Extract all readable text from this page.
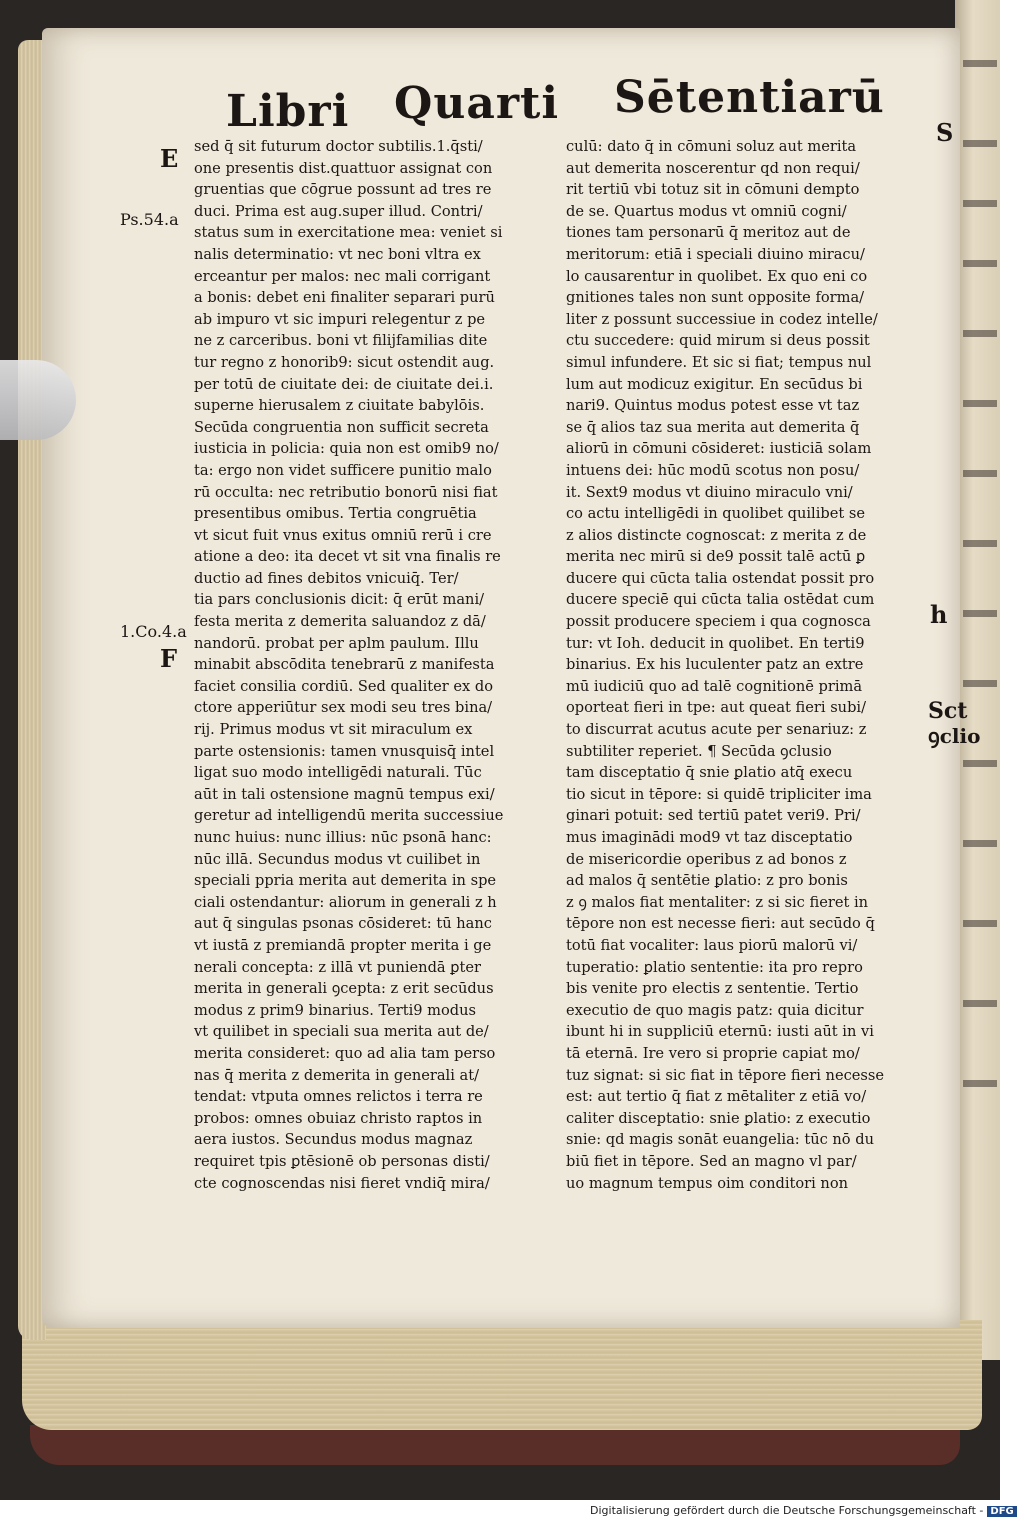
Libri Quarti Sētentiarū
E
Ps.54.a
1.Co.4.a
F
S
h
Sct
ꝯclio
sed q̄ sit futurum doctor subtilis.1.q̄sti/
one presentis dist.quattuor assignat con
gruentias que cōgrue possunt ad tres re
duci. Prima est aug.super illud. Contri/
status sum in exercitatione mea: veniet si
nalis determinatio: vt nec boni vltra ex
erceantur per malos: nec mali corrigant
a bonis: debet eni finaliter separari purū
ab impuro vt sic impuri relegentur z pe
ne z carceribus. boni vt filijfamilias dite
tur regno z honorib9: sicut ostendit aug.
per totū de ciuitate dei: de ciuitate dei.i.
superne hierusalem z ciuitate babylōis.
Secūda congruentia non sufficit secreta
iusticia in policia: quia non est omib9 no/
ta: ergo non videt sufficere punitio malo
rū occulta: nec retributio bonorū nisi fiat
presentibus omibus. Tertia congruētia
vt sicut fuit vnus exitus omniū rerū i cre
atione a deo: ita decet vt sit vna finalis re
ductio ad fines debitos vnicuiq̄. Ter/
tia pars conclusionis dicit: q̄ erūt mani/
festa merita z demerita saluandoz z dā/
nandorū. probat per aplm paulum. Illu
minabit abscōdita tenebrarū z manifesta
faciet consilia cordiū. Sed qualiter ex do
ctore apperiūtur sex modi seu tres bina/
rij. Primus modus vt sit miraculum ex
parte ostensionis: tamen vnusquisq̄ intel
ligat suo modo intelligēdi naturali. Tūc
aūt in tali ostensione magnū tempus exi/
geretur ad intelligendū merita successiue
nunc huius: nunc illius: nūc psonā hanc:
nūc illā. Secundus modus vt cuilibet in
speciali ppria merita aut demerita in spe
ciali ostendantur: aliorum in generali z h
aut q̄ singulas psonas cōsideret: tū hanc
vt iustā z premiandā propter merita i ge
nerali concepta: z illā vt puniendā ꝑter
merita in generali ꝯcepta: z erit secūdus
modus z prim9 binarius. Terti9 modus
vt quilibet in speciali sua merita aut de/
merita consideret: quo ad alia tam perso
nas q̄ merita z demerita in generali at/
tendat: vtputa omnes relictos i terra re
probos: omnes obuiaz christo raptos in
aera iustos. Secundus modus magnaz
requiret tpis ꝑtēsionē ob personas disti/
cte cognoscendas nisi fieret vndiq̄ mira/
culū: dato q̄ in cōmuni soluz aut merita
aut demerita noscerentur qd non requi/
rit tertiū vbi totuz sit in cōmuni dempto
de se. Quartus modus vt omniū cogni/
tiones tam personarū q̄ meritoz aut de
meritorum: etiā i speciali diuino miracu/
lo causarentur in quolibet. Ex quo eni co
gnitiones tales non sunt opposite forma/
liter z possunt successiue in codez intelle/
ctu succedere: quid mirum si deus possit
simul infundere. Et sic si fiat; tempus nul
lum aut modicuz exigitur. En secūdus bi
nari9. Quintus modus potest esse vt taz
se q̄ alios taz sua merita aut demerita q̄
aliorū in cōmuni cōsideret: iusticiā solam
intuens dei: hūc modū scotus non posu/
it. Sext9 modus vt diuino miraculo vni/
co actu intelligēdi in quolibet quilibet se
z alios distincte cognoscat: z merita z de
merita nec mirū si de9 possit talē actū ꝑ
ducere qui cūcta talia ostendat possit pro
ducere speciē qui cūcta talia ostēdat cum
possit producere speciem i qua cognosca
tur: vt Ioh. deducit in quolibet. En terti9
binarius. Ex his luculenter patz an extre
mū iudiciū quo ad talē cognitionē primā
oporteat fieri in tpe: aut queat fieri subi/
to discurrat acutus acute per senariuz: z
subtiliter reperiet. ¶ Secūda ꝯclusio
tam disceptatio q̄ snie ꝑlatio atq̄ execu
tio sicut in tēpore: si quidē tripliciter ima
ginari potuit: sed tertiū patet veri9. Pri/
mus imaginādi mod9 vt taz disceptatio
de misericordie operibus z ad bonos z
ad malos q̄ sentētie ꝑlatio: z pro bonis
z ꝯ malos fiat mentaliter: z si sic fieret in
tēpore non est necesse fieri: aut secūdo q̄
totū fiat vocaliter: laus piorū malorū vi/
tuperatio: ꝑlatio sententie: ita pro repro
bis venite pro electis z sententie. Tertio
executio de quo magis patz: quia dicitur
ibunt hi in suppliciū eternū: iusti aūt in vi
tā eternā. Ire vero si proprie capiat mo/
tuz signat: si sic fiat in tēpore fieri necesse
est: aut tertio q̄ fiat z mētaliter z etiā vo/
caliter disceptatio: snie ꝑlatio: z executio
snie: qd magis sonāt euangelia: tūc nō du
biū fiet in tēpore. Sed an magno vl par/
uo magnum tempus oim conditori non
Digitalisierung gefördert durch die Deutsche Forschungsgemeinschaft - DFG
